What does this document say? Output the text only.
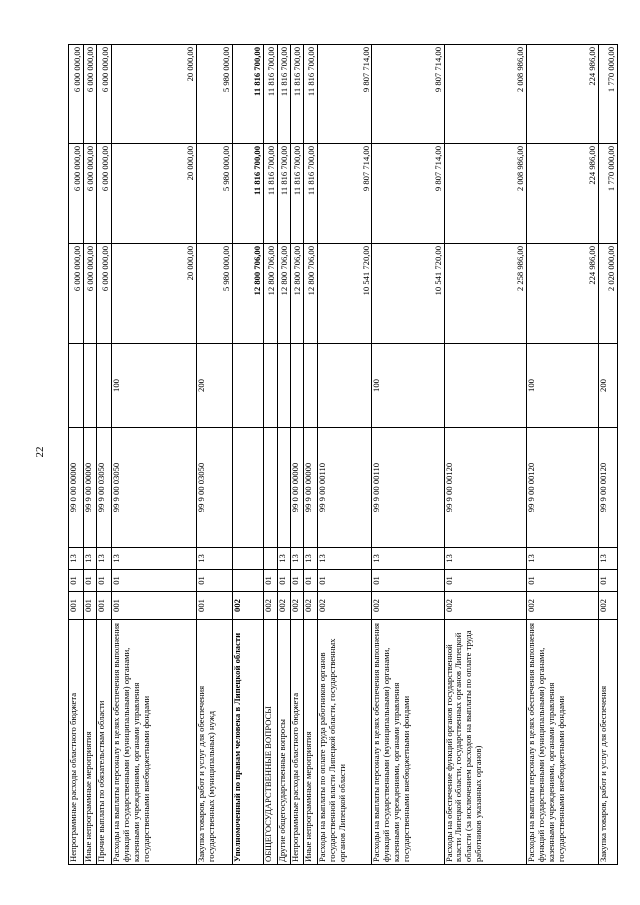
22
Непрограммные расходы областного бюджета	001	01	13	99 0 00 00000		6 000 000,00	6 000 000,00	6 000 000,00
Иные непрограммные мероприятия	001	01	13	99 9 00 00000		6 000 000,00	6 000 000,00	6 000 000,00
Прочие выплаты по обязательствам области	001	01	13	99 9 00 03050		6 000 000,00	6 000 000,00	6 000 000,00
Расходы на выплаты персоналу в целях обеспечения выполнения функций государственными (муниципальными) органами, казенными учреждениями, органами управления государственными внебюджетными фондами	001	01	13	99 9 00 03050	100	20 000,00	20 000,00	20 000,00
Закупка товаров, работ и услуг для обеспечения государственных (муниципальных) нужд	001	01	13	99 9 00 03050	200	5 980 000,00	5 980 000,00	5 980 000,00
Уполномоченный по правам человека в Липецкой области	002					12 800 706,00	11 816 700,00	11 816 700,00
ОБЩЕГОСУДАРСТВЕННЫЕ ВОПРОСЫ	002	01				12 800 706,00	11 816 700,00	11 816 700,00
Другие общегосударственные вопросы	002	01	13			12 800 706,00	11 816 700,00	11 816 700,00
Непрограммные расходы областного бюджета	002	01	13	99 0 00 00000		12 800 706,00	11 816 700,00	11 816 700,00
Иные непрограммные мероприятия	002	01	13	99 9 00 00000		12 800 706,00	11 816 700,00	11 816 700,00
Расходы на выплаты по оплате труда работников органов государственной власти Липецкой области, государственных органов Липецкой области	002	01	13	99 9 00 00110		10 541 720,00	9 807 714,00	9 807 714,00
Расходы на выплаты персоналу в целях обеспечения выполнения функций государственными (муниципальными) органами, казенными учреждениями, органами управления государственными внебюджетными фондами	002	01	13	99 9 00 00110	100	10 541 720,00	9 807 714,00	9 807 714,00
Расходы на обеспечение функций органов государственной власти Липецкой области, государственных органов Липецкой области (за исключением расходов на выплаты по оплате труда работников указанных органов)	002	01	13	99 9 00 00120		2 258 986,00	2 008 986,00	2 008 986,00
Расходы на выплаты персоналу в целях обеспечения выполнения функций государственными (муниципальными) органами, казенными учреждениями, органами управления государственными внебюджетными фондами	002	01	13	99 9 00 00120	100	224 986,00	224 986,00	224 986,00
Закупка товаров, работ и услуг для обеспечения	002	01	13	99 9 00 00120	200	2 020 000,00	1 770 000,00	1 770 000,00
